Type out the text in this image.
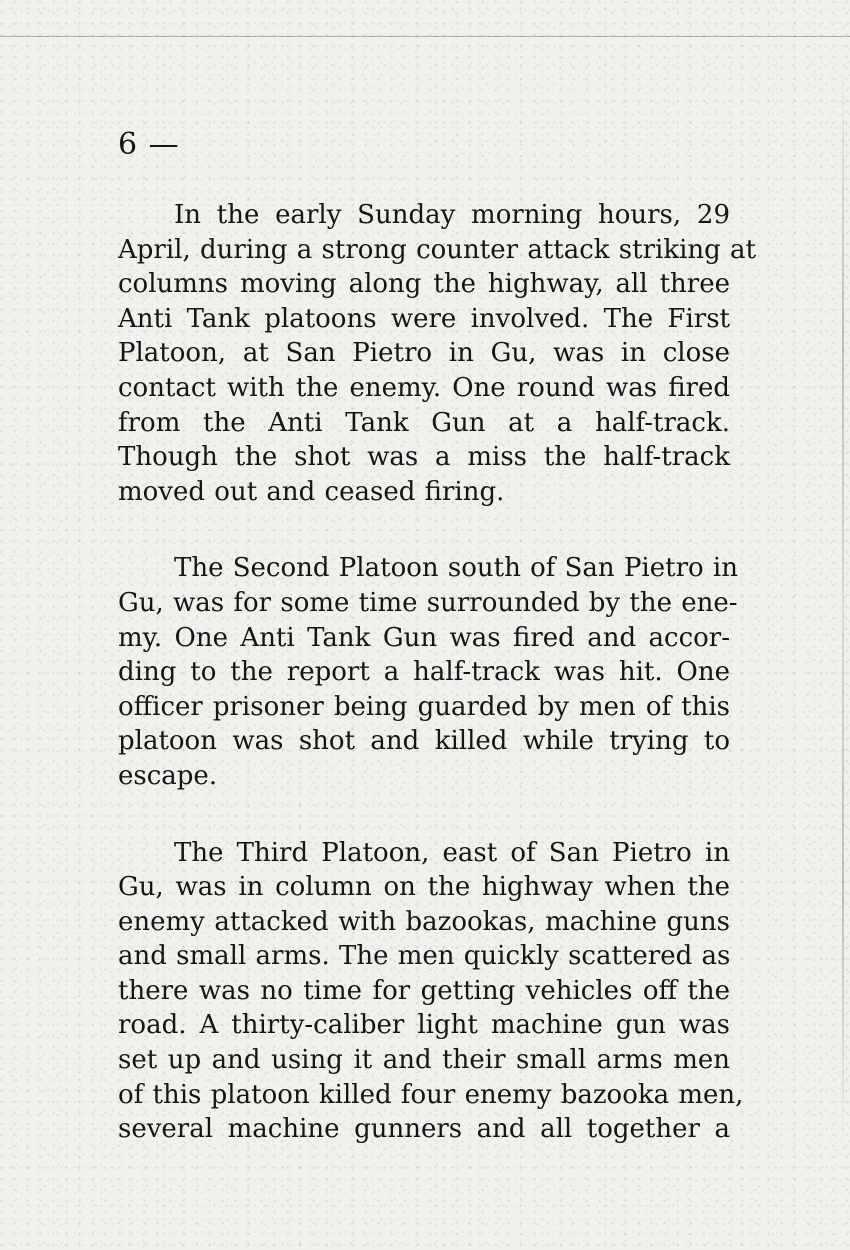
6 —

In the early Sunday morning hours, 29
April, during a strong counter attack striking at
columns moving along the highway, all three
Anti Tank platoons were involved. The First
Platoon, at San Pietro in Gu, was in close
contact with the enemy. One round was fired
from the Anti Tank Gun at a half-track.
Though the shot was a miss the half-track
moved out and ceased firing.

The Second Platoon south of San Pietro in
Gu, was for some time surrounded by the ene-
my. One Anti Tank Gun was fired and accor-
ding to the report a half-track was hit. One
officer prisoner being guarded by men of this
platoon was shot and killed while trying to
escape.

The Third Platoon, east of San Pietro in
Gu, was in column on the highway when the
enemy attacked with bazookas, machine guns
and small arms. The men quickly scattered as
there was no time for getting vehicles off the
road. A thirty-caliber light machine gun was
set up and using it and their small arms men
of this platoon killed four enemy bazooka men,
several machine gunners and all together a
